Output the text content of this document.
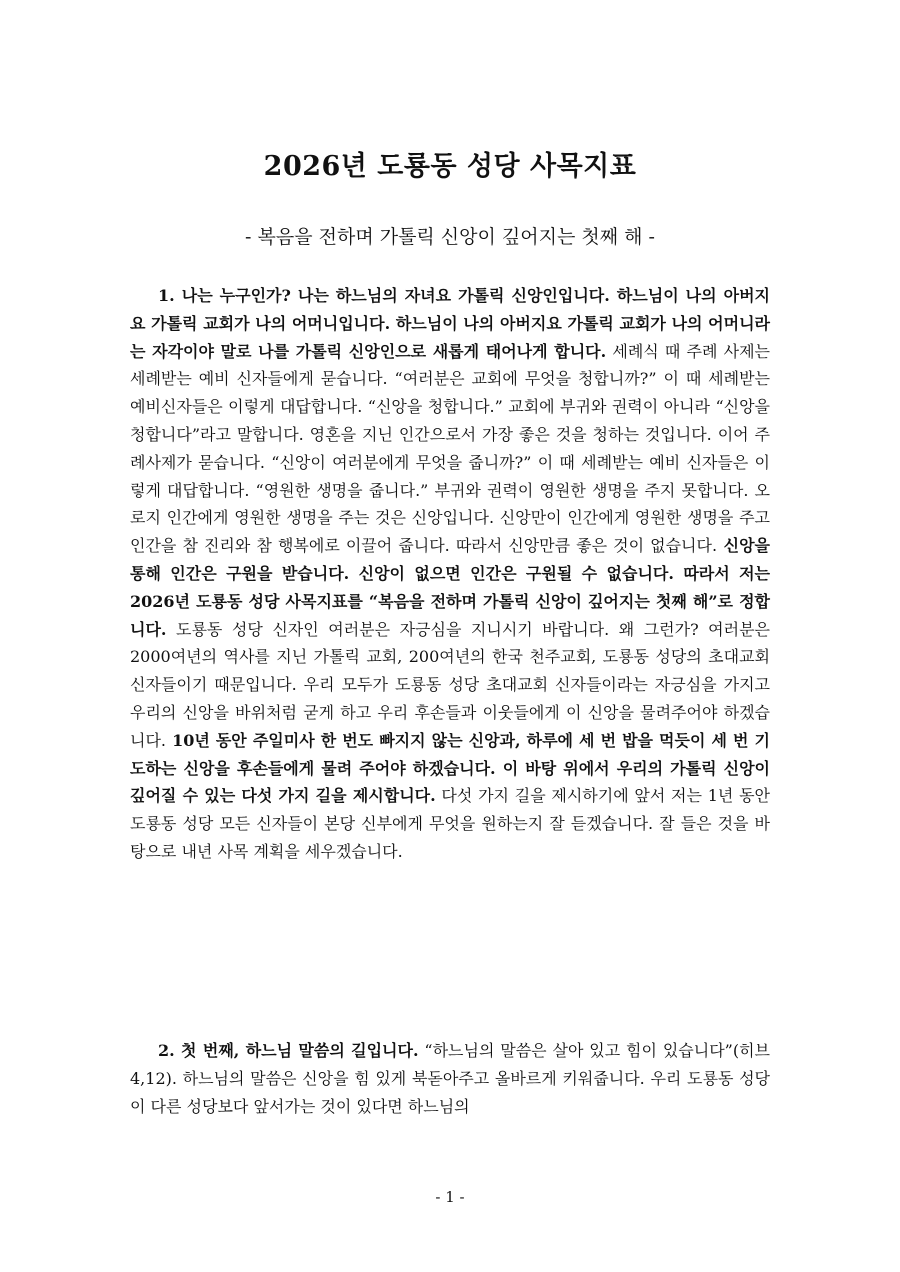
2026년 도룡동 성당 사목지표
- 복음을 전하며 가톨릭 신앙이 깊어지는 첫째 해 -

1. 나는 누구인가? 나는 하느님의 자녀요 가톨릭 신앙인입니다. 하느님이 나의 아버지요 가톨릭 교회가 나의 어머니입니다. 하느님이 나의 아버지요 가톨릭 교회가 나의 어머니라는 자각이야 말로 나를 가톨릭 신앙인으로 새롭게 태어나게 합니다. 세례식 때 주례 사제는 세례받는 예비 신자들에게 묻습니다. “여러분은 교회에 무엇을 청합니까?” 이 때 세례받는 예비신자들은 이렇게 대답합니다. “신앙을 청합니다.” 교회에 부귀와 권력이 아니라 “신앙을 청합니다”라고 말합니다. 영혼을 지닌 인간으로서 가장 좋은 것을 청하는 것입니다. 이어 주례사제가 묻습니다. “신앙이 여러분에게 무엇을 줍니까?” 이 때 세례받는 예비 신자들은 이렇게 대답합니다. “영원한 생명을 줍니다.” 부귀와 권력이 영원한 생명을 주지 못합니다. 오로지 인간에게 영원한 생명을 주는 것은 신앙입니다. 신앙만이 인간에게 영원한 생명을 주고 인간을 참 진리와 참 행복에로 이끌어 줍니다. 따라서 신앙만큼 좋은 것이 없습니다. 신앙을 통해 인간은 구원을 받습니다. 신앙이 없으면 인간은 구원될 수 없습니다. 따라서 저는 2026년 도룡동 성당 사목지표를 “복음을 전하며 가톨릭 신앙이 깊어지는 첫째 해”로 정합니다. 도룡동 성당 신자인 여러분은 자긍심을 지니시기 바랍니다. 왜 그런가? 여러분은 2000여년의 역사를 지닌 가톨릭 교회, 200여년의 한국 천주교회, 도룡동 성당의 초대교회 신자들이기 때문입니다. 우리 모두가 도룡동 성당 초대교회 신자들이라는 자긍심을 가지고 우리의 신앙을 바위처럼 굳게 하고 우리 후손들과 이웃들에게 이 신앙을 물려주어야 하겠습니다. 10년 동안 주일미사 한 번도 빠지지 않는 신앙과, 하루에 세 번 밥을 먹듯이 세 번 기도하는 신앙을 후손들에게 물려 주어야 하겠습니다. 이 바탕 위에서 우리의 가톨릭 신앙이 깊어질 수 있는 다섯 가지 길을 제시합니다. 다섯 가지 길을 제시하기에 앞서 저는 1년 동안 도룡동 성당 모든 신자들이 본당 신부에게 무엇을 원하는지 잘 듣겠습니다. 잘 들은 것을 바탕으로 내년 사목 계획을 세우겠습니다.

2. 첫 번째, 하느님 말씀의 길입니다. “하느님의 말씀은 살아 있고 힘이 있습니다”(히브 4,12). 하느님의 말씀은 신앙을 힘 있게 북돋아주고 올바르게 키워줍니다. 우리 도룡동 성당이 다른 성당보다 앞서가는 것이 있다면 하느님의

- 1 -
